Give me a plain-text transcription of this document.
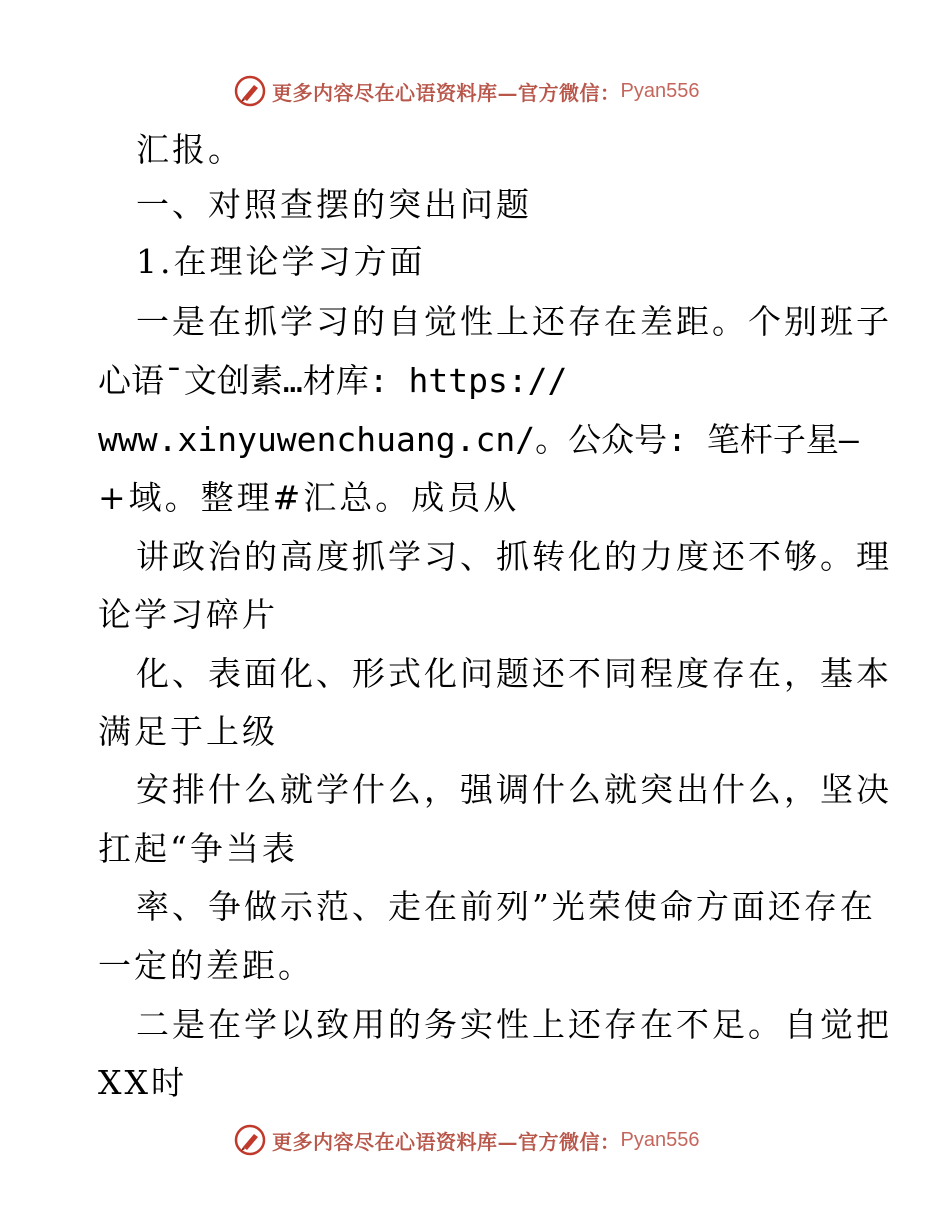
更多内容尽在心语资料库—官方微信： Pyan556

汇报。

一、对照查摆的突出问题

1.在理论学习方面

一是在抓学习的自觉性上还存在差距。个别班子

心语¯文创素…材库: https://

www.xinyuwenchuang.cn/。公众号: 笔杆子星—

+域。整理#汇总。成员从

讲政治的高度抓学习、抓转化的力度还不够。理

论学习碎片

化、表面化、形式化问题还不同程度存在，基本

满足于上级

安排什么就学什么，强调什么就突出什么，坚决

扛起“争当表

率、争做示范、走在前列”光荣使命方面还存在

一定的差距。

二是在学以致用的务实性上还存在不足。自觉把

XX时

更多内容尽在心语资料库—官方微信： Pyan556
